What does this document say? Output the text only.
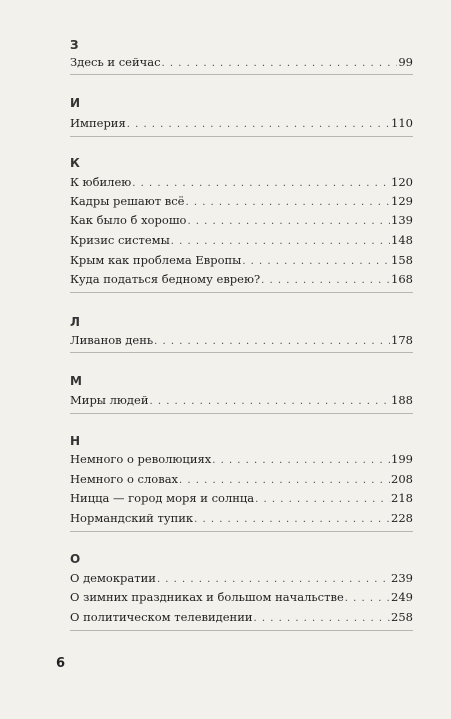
З
Здесь и сейчас . . .	99
И
Империя . . .	110
К
К юбилею . . .	120
Кадры решают всё . . .	129
Как было б хорошо . . .	139
Кризис системы . . .	148
Крым как проблема Европы . . .	158
Куда податься бедному еврею? . . .	168
Л
Ливанов день . . .	178
М
Миры людей . . .	188
Н
Немного о революциях . . .	199
Немного о словах . . .	208
Ницца — город моря и солнца . . .	218
Нормандский тупик . . .	228
О
О демократии . . .	239
О зимних праздниках и большом начальстве . . .	249
О политическом телевидении . . .	258
6
